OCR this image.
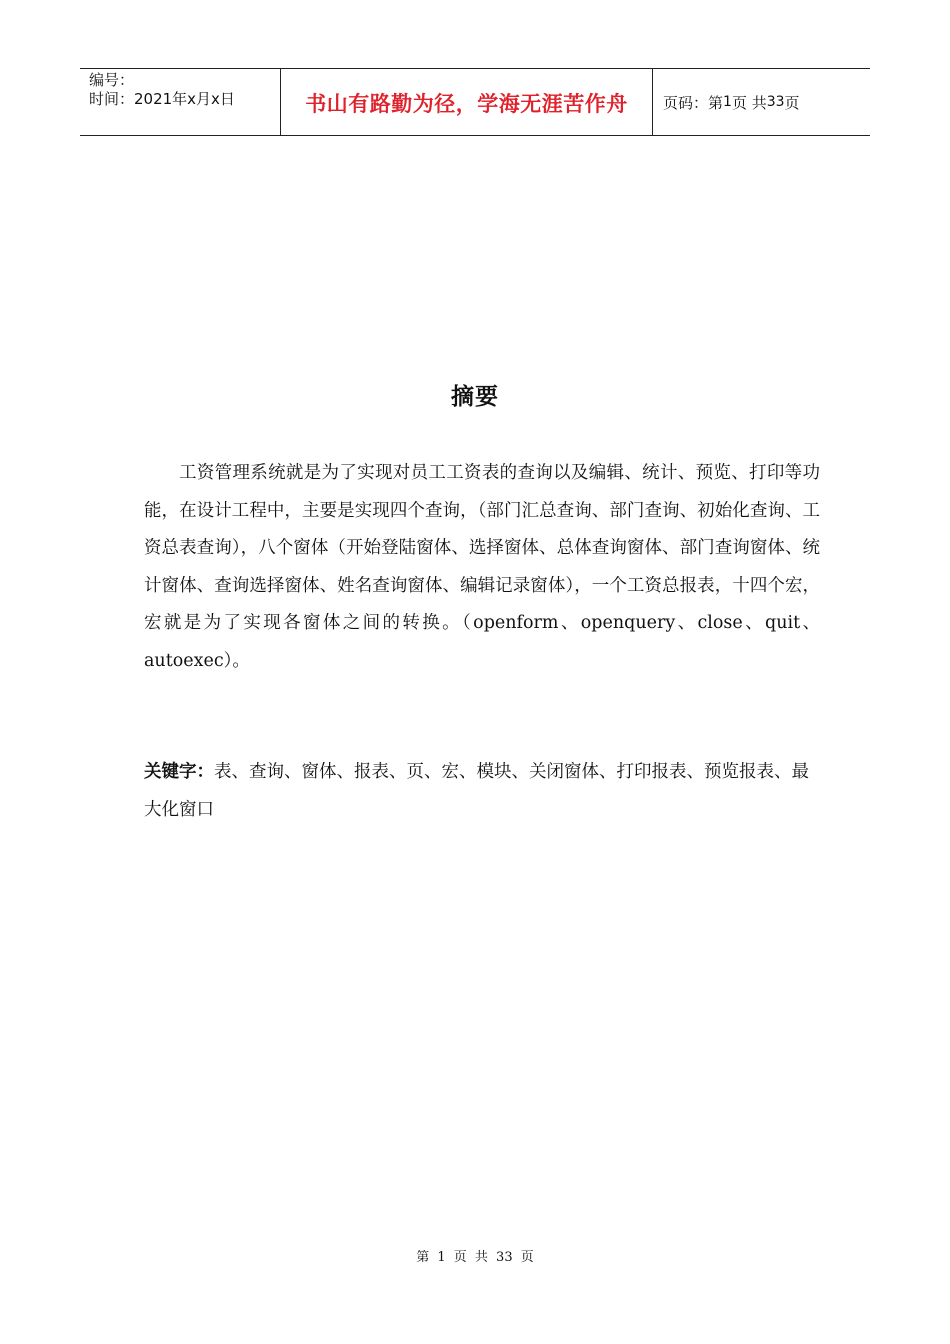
编号：
时间：2021年x月x日	书山有路勤为径，学海无涯苦作舟	页码：第 1 页 共 33 页
摘要
工资管理系统就是为了实现对员工工资表的查询以及编辑、统计、预览、打印等功能，在设计工程中，主要是实现四个查询，（部门汇总查询、部门查询、初始化查询、工资总表查询），八个窗体（开始登陆窗体、选择窗体、总体查询窗体、部门查询窗体、统计窗体、查询选择窗体、姓名查询窗体、编辑记录窗体），一个工资总报表，十四个宏，宏就是为了实现各窗体之间的转换。（openform、openquery、close、quit、autoexec）。
关键字：表、查询、窗体、报表、页、宏、模块、关闭窗体、打印报表、预览报表、最大化窗口
第 1 页 共 33 页
